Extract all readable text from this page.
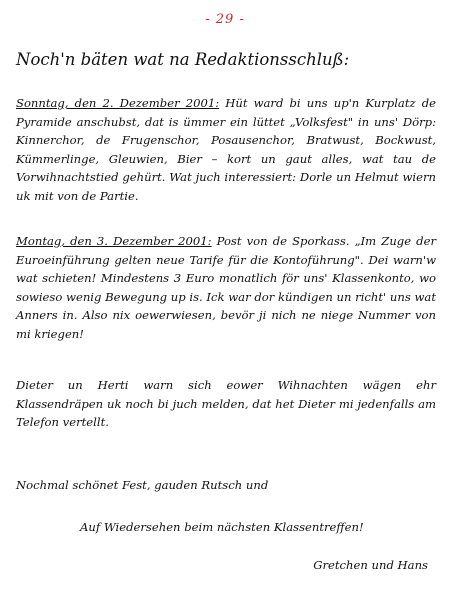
- 29 -
Noch'n bäten wat na Redaktionsschluß:
Sonntag, den 2. Dezember 2001: Hüt ward bi uns up'n Kurplatz de Pyramide anschubst, dat is ümmer ein lüttet „Volksfest" in uns' Dörp: Kinnerchor, de Frugenschor, Posausenchor, Bratwust, Bockwust, Kümmerlinge, Gleuwien, Bier – kort un gaut alles, wat tau de Vorwihnachtstied gehürt. Wat juch interessiert: Dorle un Helmut wiern uk mit von de Partie.
Montag, den 3. Dezember 2001: Post von de Sporkass. „Im Zuge der Euroeinführung gelten neue Tarife für die Kontoführung". Dei warn'w wat schieten! Mindestens 3 Euro monatlich för uns' Klassenkonto, wo sowieso wenig Bewegung up is. Ick war dor kündigen un richt' uns wat Anners in. Also nix oewerwiesen, bevör ji nich ne niege Nummer von mi kriegen!
Dieter un Herti warn sich eower Wihnachten wägen ehr Klassendräpen uk noch bi juch melden, dat het Dieter mi jedenfalls am Telefon vertellt.
Nochmal schönet Fest, gauden Rutsch und
Auf Wiedersehen beim nächsten Klassentreffen!
Gretchen und Hans
